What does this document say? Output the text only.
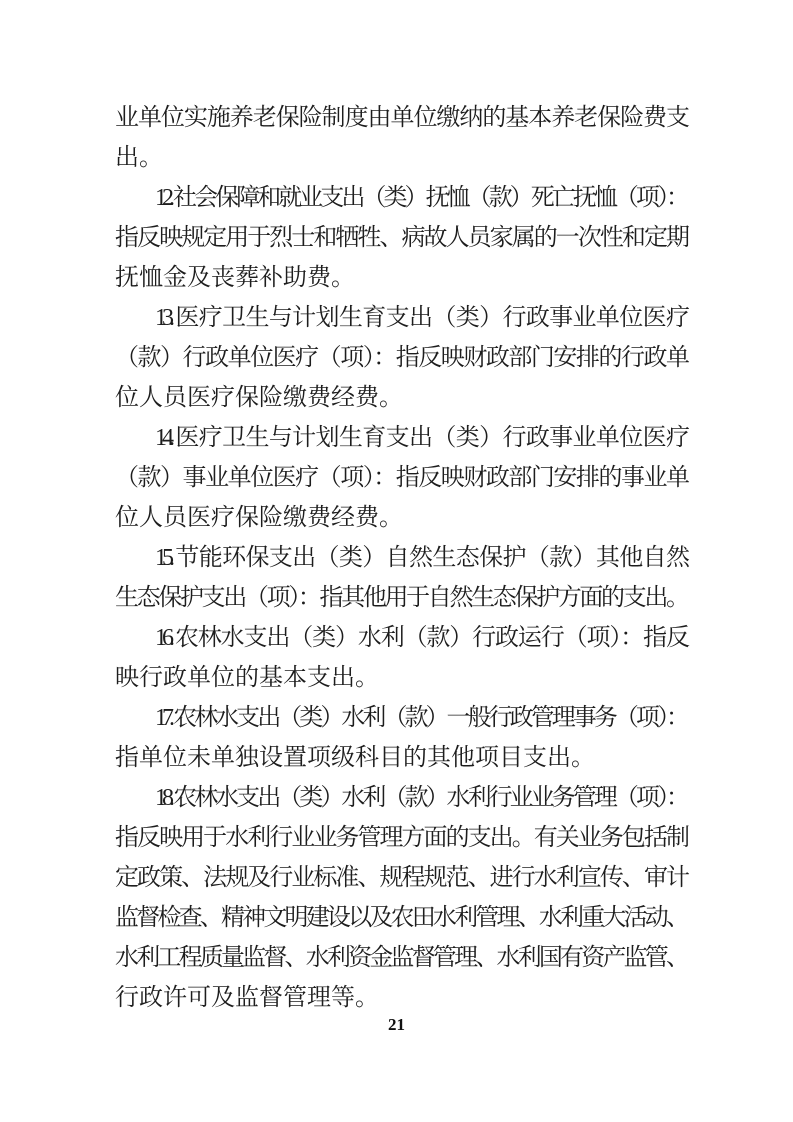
业单位实施养老保险制度由单位缴纳的基本养老保险费支
出。
12. 社会保障和就业支出（类）抚恤（款）死亡抚恤（项）：
指反映规定用于烈士和牺牲、病故人员家属的一次性和定期
抚恤金及丧葬补助费。
13. 医疗卫生与计划生育支出（类）行政事业单位医疗
（款）行政单位医疗（项）：指反映财政部门安排的行政单
位人员医疗保险缴费经费。
14. 医疗卫生与计划生育支出（类）行政事业单位医疗
（款）事业单位医疗（项）：指反映财政部门安排的事业单
位人员医疗保险缴费经费。
15. 节能环保支出（类）自然生态保护（款）其他自然
生态保护支出（项）：指其他用于自然生态保护方面的支出。
16. 农林水支出（类）水利（款）行政运行（项）：指反
映行政单位的基本支出。
17. 农林水支出（类）水利（款）一般行政管理事务（项）：
指单位未单独设置项级科目的其他项目支出。
18. 农林水支出（类）水利（款）水利行业业务管理（项）：
指反映用于水利行业业务管理方面的支出。有关业务包括制
定政策、法规及行业标准、规程规范、进行水利宣传、审计
监督检查、精神文明建设以及农田水利管理、水利重大活动、
水利工程质量监督、水利资金监督管理、水利国有资产监管、
行政许可及监督管理等。
21
